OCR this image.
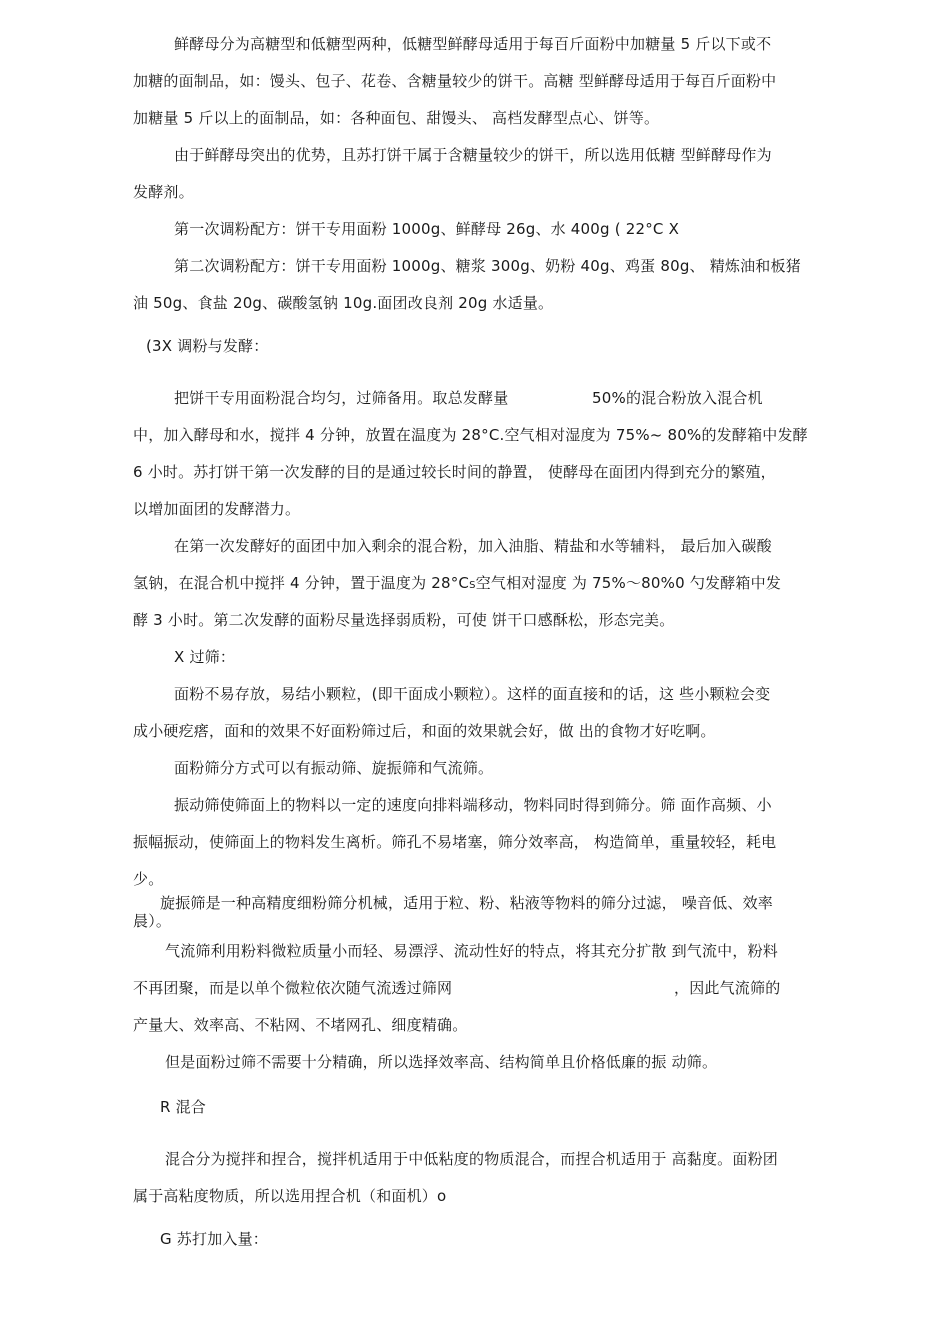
鲜酵母分为高糖型和低糖型两种，低糖型鲜酵母适用于每百斤面粉中加糖量 5 斤以下或不
加糖的面制品，如：馒头、包子、花卷、含糖量较少的饼干。高糖 型鲜酵母适用于每百斤面粉中
加糖量 5 斤以上的面制品，如：各种面包、甜馒头、 高档发酵型点心、饼等。
由于鲜酵母突出的优势，且苏打饼干属于含糖量较少的饼干，所以选用低糖 型鲜酵母作为
发酵剂。
第一次调粉配方：饼干专用面粉 1000g、鲜酵母 26g、水 400g ( 22°C X
第二次调粉配方：饼干专用面粉 1000g、糖浆 300g、奶粉 40g、鸡蛋 80g、 精炼油和板猪
油 50g、食盐 20g、碳酸氢钠 10g.面团改良剂 20g 水适量。
(3X 调粉与发酵：
把饼干专用面粉混合均匀，过筛备用。取总发酵量	50%的混合粉放入混合机
中，加入酵母和水，搅拌 4 分钟，放置在温度为 28°C.空气相对湿度为 75%~ 80%的发酵箱中发酵
6 小时。苏打饼干第一次发酵的目的是通过较长时间的静置， 使酵母在面团内得到充分的繁殖，
以增加面团的发酵潜力。
在第一次发酵好的面团中加入剩余的混合粉，加入油脂、精盐和水等辅料， 最后加入碳酸
氢钠，在混合机中搅拌 4 分钟，置于温度为 28°CS空气相对湿度 为 75%～80%0 勺发酵箱中发
酵 3 小时。第二次发酵的面粉尽量选择弱质粉，可使 饼干口感酥松，形态完美。
X 过筛：
面粉不易存放，易结小颗粒，(即干面成小颗粒）。这样的面直接和的话，这 些小颗粒会变
成小硬疙瘩，面和的效果不好面粉筛过后，和面的效果就会好，做 出的食物才好吃啊。
面粉筛分方式可以有振动筛、旋振筛和气流筛。
振动筛使筛面上的物料以一定的速度向排料端移动，物料同时得到筛分。筛 面作高频、小
振幅振动，使筛面上的物料发生离析。筛孔不易堵塞，筛分效率高， 构造简单，重量较轻，耗电
少。
旋振筛是一种高精度细粉筛分机械，适用于粒、粉、粘液等物料的筛分过滤， 噪音低、效率
晨）。
气流筛利用粉料微粒质量小而轻、易漂浮、流动性好的特点，将其充分扩散 到气流中，粉料
不再团聚，而是以单个微粒依次随气流透过筛网	，因此气流筛的
产量大、效率高、不粘网、不堵网孔、细度精确。
但是面粉过筛不需要十分精确，所以选择效率高、结构简单且价格低廉的振 动筛。
R 混合
混合分为搅拌和捏合，搅拌机适用于中低粘度的物质混合，而捏合机适用于 高黏度。面粉团
属于高粘度物质，所以选用捏合机（和面机）o
G 苏打加入量：
